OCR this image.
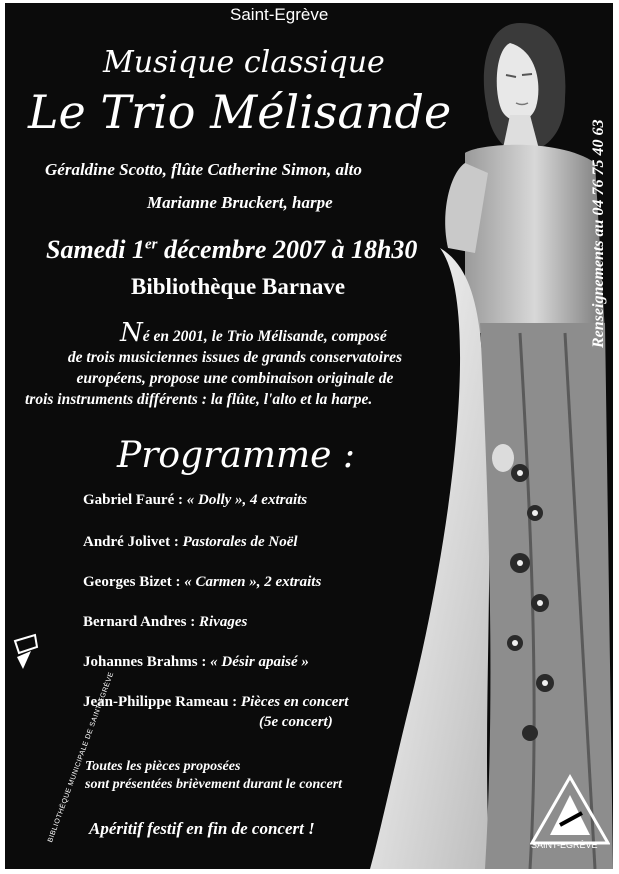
Saint-Egrève
Musique classique
Le Trio Mélisande
Géraldine Scotto, flûte Catherine Simon, alto
Marianne Bruckert, harpe
Samedi 1er décembre 2007 à 18h30
Bibliothèque Barnave
Né en 2001, le Trio Mélisande, composé
de trois musiciennes issues de grands conservatoires
européens, propose une combinaison originale de
trois instruments différents : la flûte, l'alto et la harpe.
Programme :
Gabriel Fauré : « Dolly », 4 extraits
André Jolivet : Pastorales de Noël
Georges Bizet : « Carmen », 2 extraits
Bernard Andres : Rivages
Johannes Brahms : « Désir apaisé »
Jean-Philippe Rameau : Pièces en concert
(5e concert)
Toutes les pièces proposées
sont présentées brièvement durant le concert
Apéritif festif en fin de concert !
Renseignements au 04 76 75 40 63
BIBLIOTHÈQUE MUNICIPALE DE SAINT-EGRÈVE
SAINT-EGRÈVE
